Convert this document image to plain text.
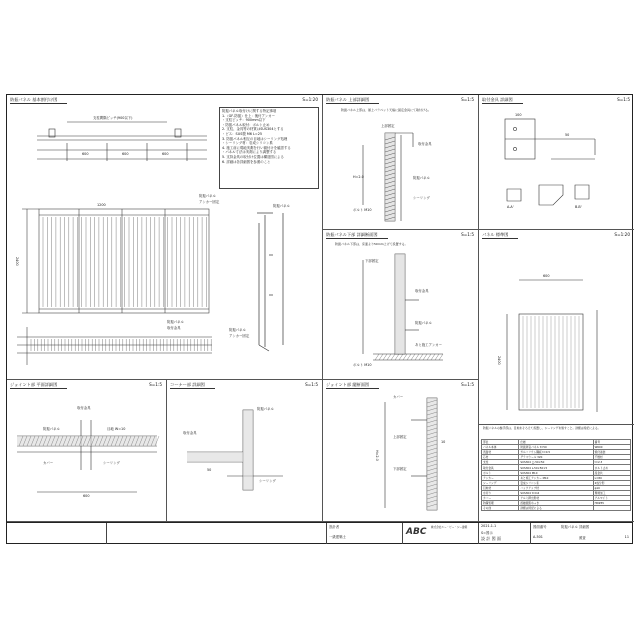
防振パネル 基本割付け図	S=1:20
支柱間隔ピッチ(900以下)
600	600	600
防振パネル
アンカー固定
2400
1200
防振パネル
取付金具
防振パネル
防振パネル
アンカー固定
防振パネル取付けに関する特記事項
1.（GF-防振）仕上：後付アンカー
・支柱ピッチ：900mm以下
・防振パネル取付：ボルト止め
2. 支柱、金具等の材質はSUS304とする
・ビス：SUS製 M6 L=25
3. 防振パネル相互の目地はシーリング処理
・シーリング材：変成シリコン系
4. 施工前に現地実測を行い割付けを確認する
・パネル寸法は実測により調整する
5. 支持金具の取付け位置は構造図による
6. 詳細は各詳細図を参照のこと
防振パネル 上部詳細図	S=1:5
防振パネル上部は、屋上パラペット天端に固定金具にて取付ける。
上部固定
取付金具
防振パネル
シーリング
ボルト M10
H=2.0
取付金具 詳細図	S=1:5
100
50
A-A'	B-B'
防振パネル下部 詳細断面図	S=1:5
防振パネル下部は、床面より50mm上げて設置する。
下部固定
取付金具
防振パネル
あと施工アンカー
ボルト M10
パネル 標準図	S=1:20
600
2400
ジョイント部 平面詳細図	S=1:5
取付金具
防振パネル	目地 W=10
シーリング
カバー
600
コーナー部 詳細図	S=1:5
防振パネル
取付金具
シーリング
50
ジョイント部 縦断面図	S=1:5
カバー
上部固定
下部固定
10
H=2.0
防振パネルの継手部は、目地をそろえて設置し、シーリングを施すこと。詳細は特記による。
部位	仕様	備考
パネル本体	防振遮音パネル t=50	W600
表面材	ガルバリウム鋼板 t=0.5	焼付塗装
芯材	グラスウール 32K	不燃材
支柱	SUS304 □-50×50	t=2.3
取付金具	SUS304 L-50×50×5	ボルト止め
ボルト	SUS304 M10	座金共
アンカー	あと施工アンカー M10	L=80
シーリング	変成シリコン系	2成分形
目地材	バックアップ材	φ10
水切り	SUS304 t=0.6	現場加工
カバー	アルミ押出形材	アルマイト
防錆処理	溶融亜鉛めっき	HDZ55
その他	詳細は特記による	
設計者
一級建築士	ABC 株式会社エー・ビー・シー建築	2021.1.1
S=図示
設 計 図 面
図面番号	防振パネル 詳細図
A-501	照査	11
